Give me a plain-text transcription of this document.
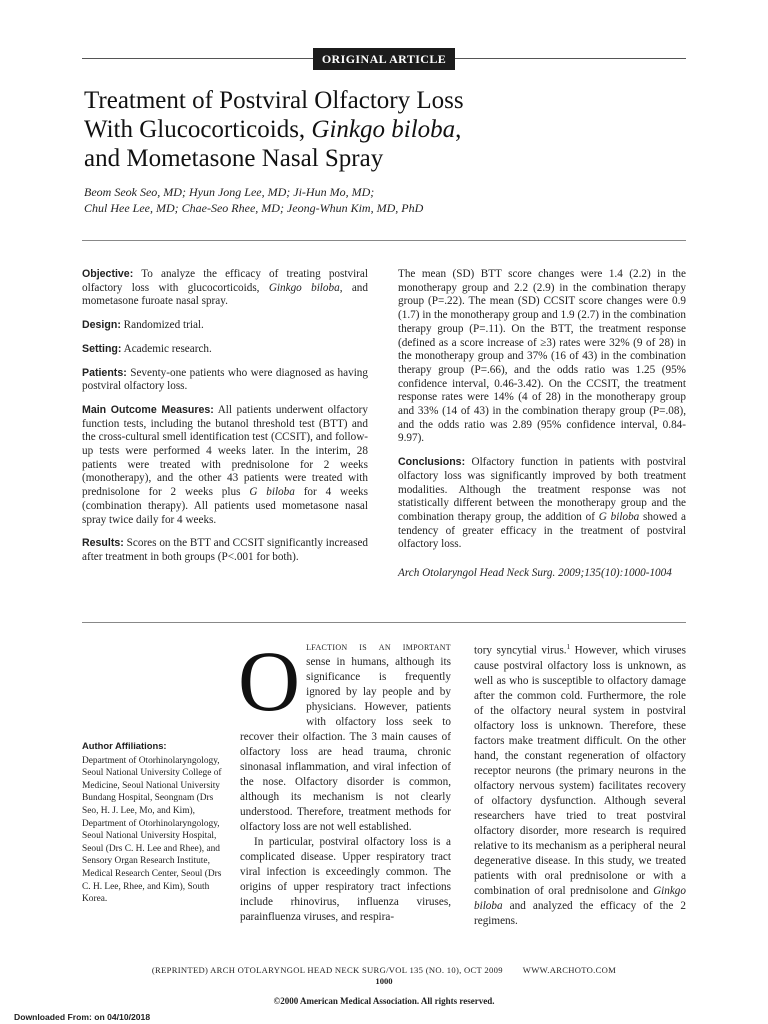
ORIGINAL ARTICLE
Treatment of Postviral Olfactory Loss
With Glucocorticoids, Ginkgo biloba,
and Mometasone Nasal Spray
Beom Seok Seo, MD; Hyun Jong Lee, MD; Ji-Hun Mo, MD;
Chul Hee Lee, MD; Chae-Seo Rhee, MD; Jeong-Whun Kim, MD, PhD

Objective: To analyze the efficacy of treating postviral olfactory loss with glucocorticoids, Ginkgo biloba, and mometasone furoate nasal spray.

Design: Randomized trial.

Setting: Academic research.

Patients: Seventy-one patients who were diagnosed as having postviral olfactory loss.

Main Outcome Measures: All patients underwent olfactory function tests, including the butanol threshold test (BTT) and the cross-cultural smell identification test (CCSIT), and follow-up tests were performed 4 weeks later. In the interim, 28 patients were treated with prednisolone for 2 weeks (monotherapy), and the other 43 patients were treated with prednisolone for 2 weeks plus G biloba for 4 weeks (combination therapy). All patients used mometasone nasal spray twice daily for 4 weeks.

Results: Scores on the BTT and CCSIT significantly increased after treatment in both groups (P<.001 for both).

The mean (SD) BTT score changes were 1.4 (2.2) in the monotherapy group and 2.2 (2.9) in the combination therapy group (P=.22). The mean (SD) CCSIT score changes were 0.9 (1.7) in the monotherapy group and 1.9 (2.7) in the combination therapy group (P=.11). On the BTT, the treatment response (defined as a score increase of ≥3) rates were 32% (9 of 28) in the monotherapy group and 37% (16 of 43) in the combination therapy group (P=.66), and the odds ratio was 1.25 (95% confidence interval, 0.46-3.42). On the CCSIT, the treatment response rates were 14% (4 of 28) in the monotherapy group and 33% (14 of 43) in the combination therapy group (P=.08), and the odds ratio was 2.89 (95% confidence interval, 0.84-9.97).

Conclusions: Olfactory function in patients with postviral olfactory loss was significantly improved by both treatment modalities. Although the treatment response was not statistically different between the monotherapy group and the combination therapy group, the addition of G biloba showed a tendency of greater efficacy in the treatment of postviral olfactory loss.

Arch Otolaryngol Head Neck Surg. 2009;135(10):1000-1004

Author Affiliations:
Department of Otorhinolaryngology, Seoul National University College of Medicine, Seoul National University Bundang Hospital, Seongnam (Drs Seo, H. J. Lee, Mo, and Kim), Department of Otorhinolaryngology, Seoul National University Hospital, Seoul (Drs C. H. Lee and Rhee), and Sensory Organ Research Institute, Medical Research Center, Seoul (Drs C. H. Lee, Rhee, and Kim), South Korea.

Olfaction is an important sense in humans, although its significance is frequently ignored by lay people and by physicians. However, patients with olfactory loss seek to recover their olfaction. The 3 main causes of olfactory loss are head trauma, chronic sinonasal inflammation, and viral infection of the nose. Olfactory disorder is common, although its mechanism is not clearly understood. Therefore, treatment methods for olfactory loss are not well established.

In particular, postviral olfactory loss is a complicated disease. Upper respiratory tract viral infection is exceedingly common. The origins of upper respiratory tract infections include rhinovirus, influenza viruses, parainfluenza viruses, and respira-

tory syncytial virus.$^1$ However, which viruses cause postviral olfactory loss is unknown, as well as who is susceptible to olfactory damage after the common cold. Furthermore, the role of the olfactory neural system in postviral olfactory loss is unknown. Therefore, these factors make treatment difficult. On the other hand, the constant regeneration of olfactory receptor neurons (the primary neurons in the olfactory nervous system) facilitates recovery of olfactory dysfunction. Although several researchers have tried to treat postviral olfactory disorder, more research is required relative to its mechanism as a peripheral neural degenerative disease. In this study, we treated patients with oral prednisolone or with a combination of oral prednisolone and Ginkgo biloba and analyzed the efficacy of the 2 regimens.

(REPRINTED) ARCH OTOLARYNGOL HEAD NECK SURG/VOL 135 (NO. 10), OCT 2009 WWW.ARCHOTO.COM
1000
©2000 American Medical Association. All rights reserved.
Downloaded From: on 04/10/2018
